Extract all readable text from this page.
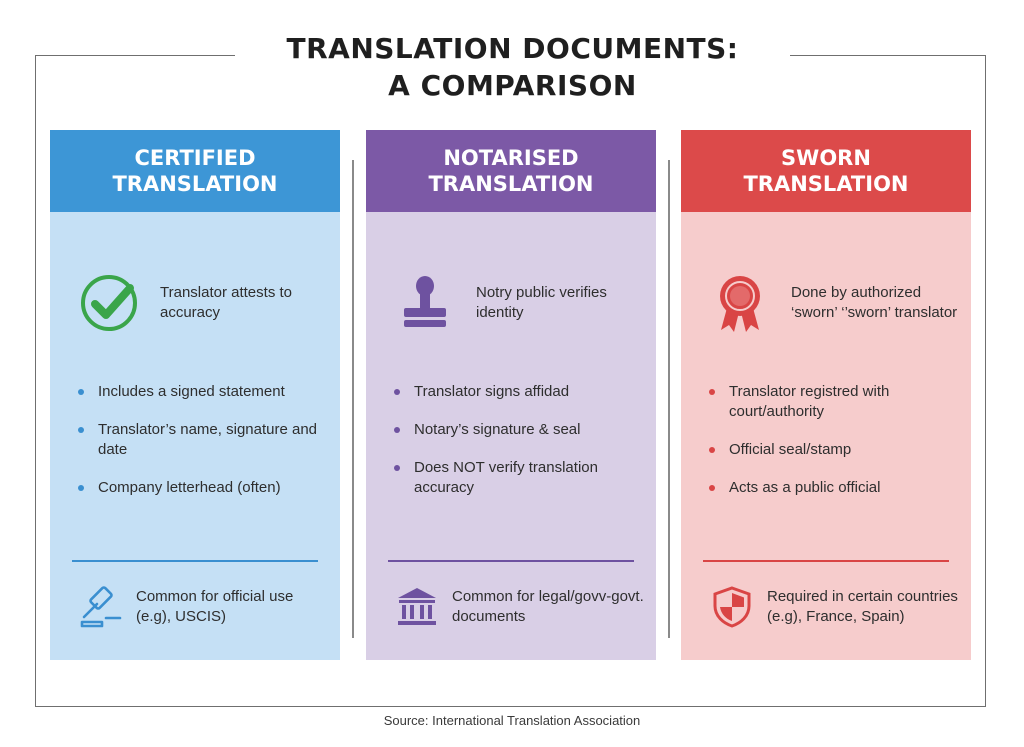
TRANSLATION DOCUMENTS:
A COMPARISON
CERTIFIED
TRANSLATION
Translator attests to accuracy
Includes a signed statement
Translator’s name, signature and date
Company letterhead (often)
Common for official use (e.g), USCIS)
NOTARISED
TRANSLATION
Notry public verifies identity
Translator signs affidad
Notary’s signature & seal
Does NOT verify translation accuracy
Common for legal/govv-govt. documents
SWORN
TRANSLATION
Done by authorized ‘sworn’ ‘’sworn’ translator
Translator registred with court/authority
Official seal/stamp
Acts as a public official
Required in certain countries (e.g), France, Spain)
Source: International Translation Association
